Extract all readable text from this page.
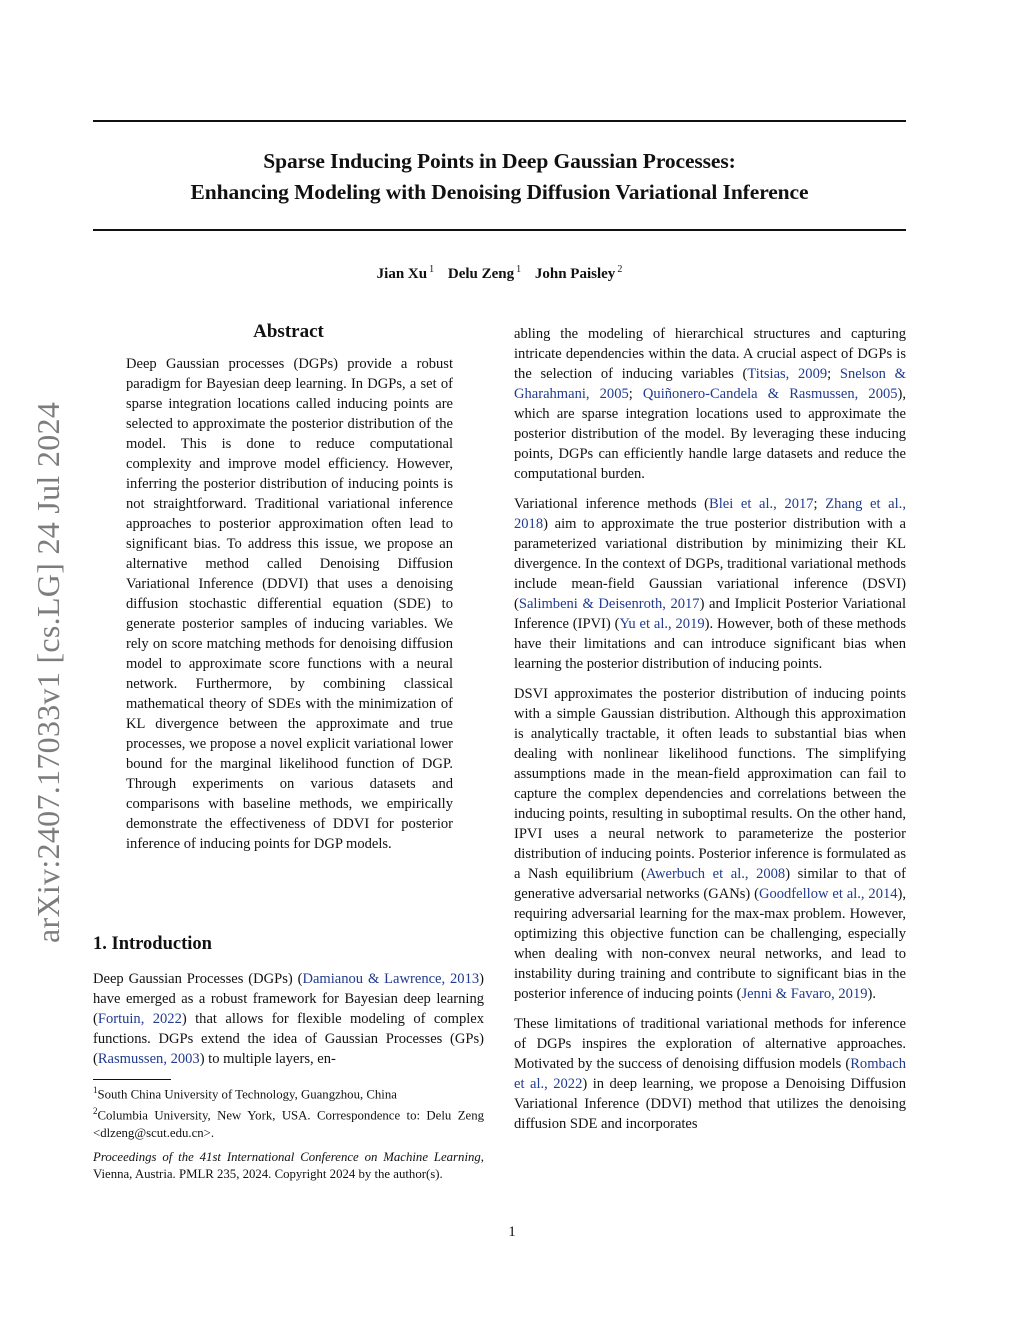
Sparse Inducing Points in Deep Gaussian Processes:
Enhancing Modeling with Denoising Diffusion Variational Inference
Jian Xu $^1$ Delu Zeng $^1$ John Paisley $^2$
arXiv:2407.17033v1 [cs.LG] 24 Jul 2024
Abstract
Deep Gaussian processes (DGPs) provide a robust paradigm for Bayesian deep learning. In DGPs, a set of sparse integration locations called inducing points are selected to approximate the posterior distribution of the model. This is done to reduce computational complexity and improve model efficiency. However, inferring the posterior distribution of inducing points is not straightforward. Traditional variational inference approaches to posterior approximation often lead to significant bias. To address this issue, we propose an alternative method called Denoising Diffusion Variational Inference (DDVI) that uses a denoising diffusion stochastic differential equation (SDE) to generate posterior samples of inducing variables. We rely on score matching methods for denoising diffusion model to approximate score functions with a neural network. Furthermore, by combining classical mathematical theory of SDEs with the minimization of KL divergence between the approximate and true processes, we propose a novel explicit variational lower bound for the marginal likelihood function of DGP. Through experiments on various datasets and comparisons with baseline methods, we empirically demonstrate the effectiveness of DDVI for posterior inference of inducing points for DGP models.
1. Introduction
Deep Gaussian Processes (DGPs) (Damianou & Lawrence, 2013) have emerged as a robust framework for Bayesian deep learning (Fortuin, 2022) that allows for flexible modeling of complex functions. DGPs extend the idea of Gaussian Processes (GPs) (Rasmussen, 2003) to multiple layers, en-
$^1$South China University of Technology, Guangzhou, China
$^2$Columbia University, New York, USA. Correspondence to: Delu Zeng <dlzeng@scut.edu.cn>.
Proceedings of the 41st International Conference on Machine Learning, Vienna, Austria. PMLR 235, 2024. Copyright 2024 by the author(s).

abling the modeling of hierarchical structures and capturing intricate dependencies within the data. A crucial aspect of DGPs is the selection of inducing variables (Titsias, 2009; Snelson & Gharahmani, 2005; Quiñonero-Candela & Rasmussen, 2005), which are sparse integration locations used to approximate the posterior distribution of the model. By leveraging these inducing points, DGPs can efficiently handle large datasets and reduce the computational burden.

Variational inference methods (Blei et al., 2017; Zhang et al., 2018) aim to approximate the true posterior distribution with a parameterized variational distribution by minimizing their KL divergence. In the context of DGPs, traditional variational methods include mean-field Gaussian variational inference (DSVI) (Salimbeni & Deisenroth, 2017) and Implicit Posterior Variational Inference (IPVI) (Yu et al., 2019). However, both of these methods have their limitations and can introduce significant bias when learning the posterior distribution of inducing points.

DSVI approximates the posterior distribution of inducing points with a simple Gaussian distribution. Although this approximation is analytically tractable, it often leads to substantial bias when dealing with nonlinear likelihood functions. The simplifying assumptions made in the mean-field approximation can fail to capture the complex dependencies and correlations between the inducing points, resulting in suboptimal results. On the other hand, IPVI uses a neural network to parameterize the posterior distribution of inducing points. Posterior inference is formulated as a Nash equilibrium (Awerbuch et al., 2008) similar to that of generative adversarial networks (GANs) (Goodfellow et al., 2014), requiring adversarial learning for the max-max problem. However, optimizing this objective function can be challenging, especially when dealing with non-convex neural networks, and lead to instability during training and contribute to significant bias in the posterior inference of inducing points (Jenni & Favaro, 2019).

These limitations of traditional variational methods for inference of DGPs inspires the exploration of alternative approaches. Motivated by the success of denoising diffusion models (Rombach et al., 2022) in deep learning, we propose a Denoising Diffusion Variational Inference (DDVI) method that utilizes the denoising diffusion SDE and incorporates

1
